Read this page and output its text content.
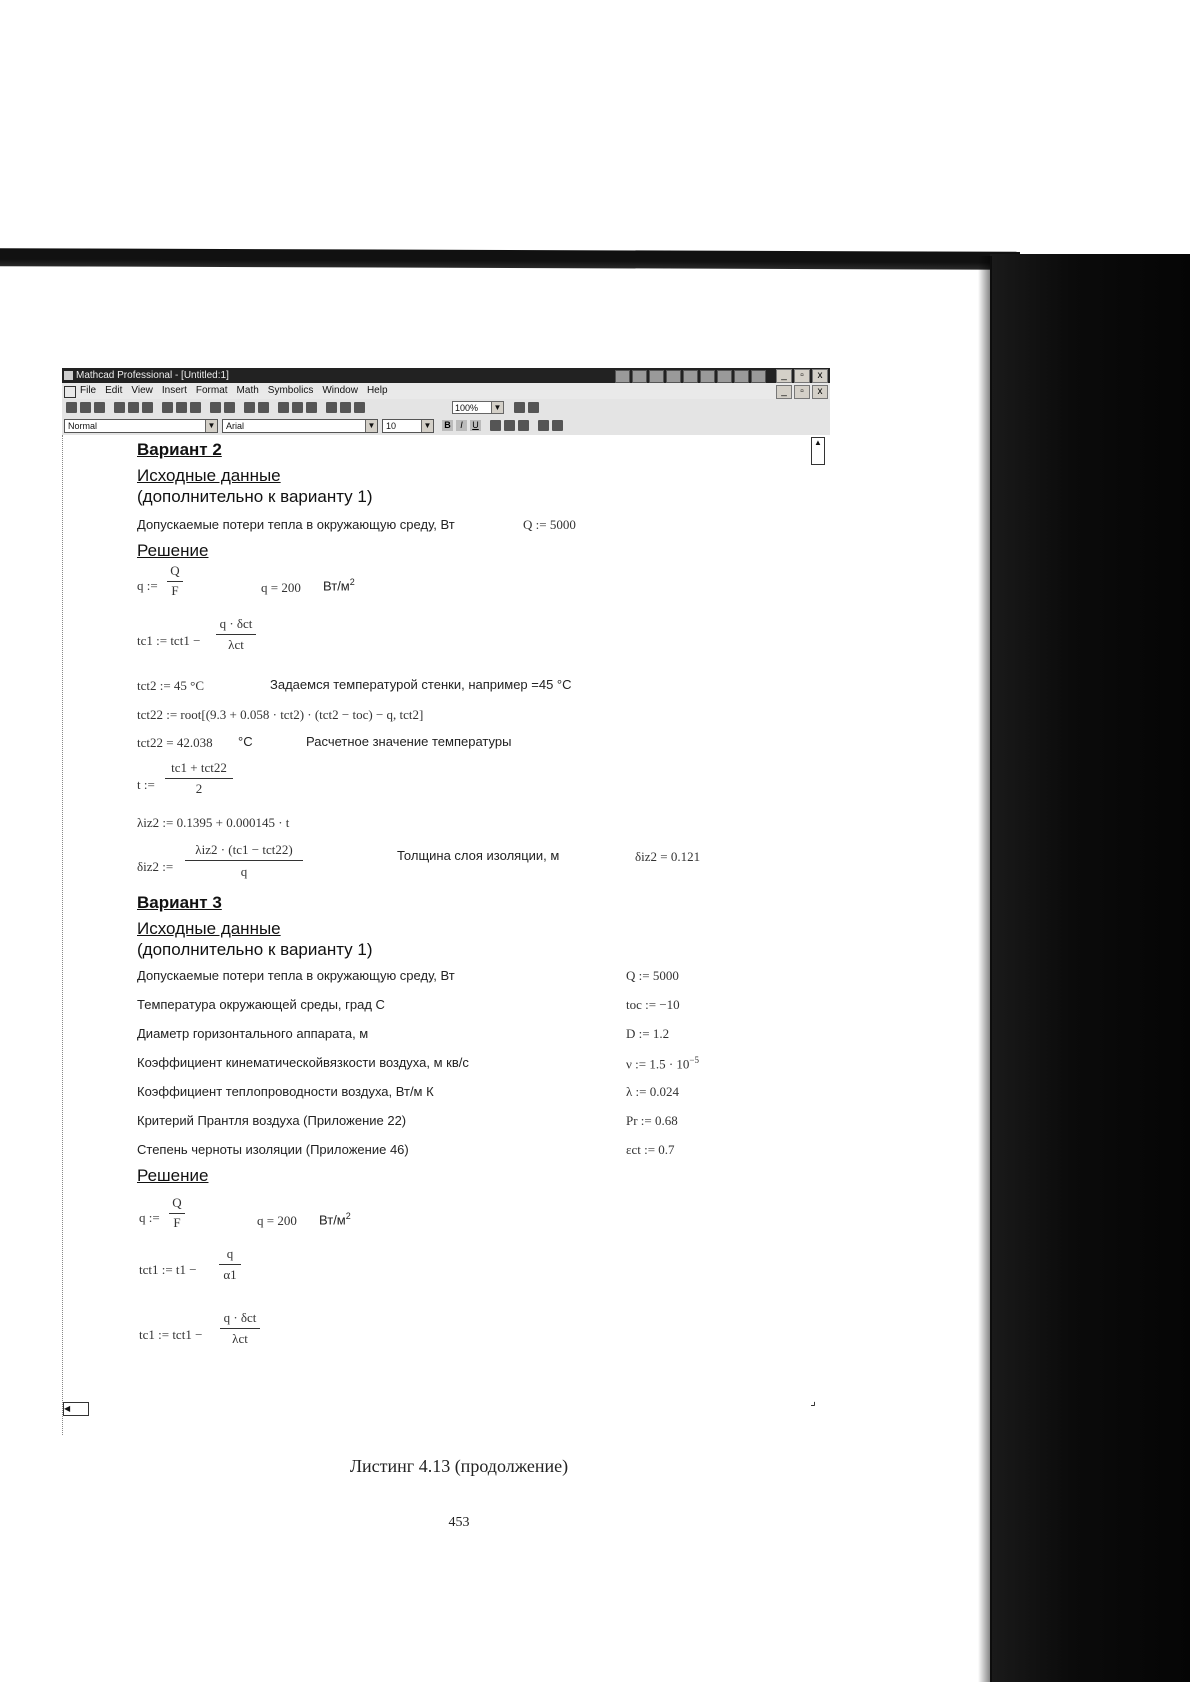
Mathcad Professional - [Untitled:1]	_	▫	x
File Edit View Insert Format Math Symbolics Window Help	_	▫	x
100%	▼
Normal	▼	Arial	▼	10	▼ B	I	U
▲
Вариант 2
Исходные данные
(дополнительно к варианту 1)
Допускаемые потери тепла в окружающую среду, Вт	Q := 5000
Решение
q :=
Q
F	q = 200 $Вт/м^2$
tc1 := tct1 −
q · δct
λct
tct2 := 45 °C	Задаемся температурой стенки, например =45 °С
tct22 := root[(9.3 + 0.058 · tct2) · (tct2 − toc) − q, tct2]
tct22 = 42.038 °C	Расчетное значение температуры
t :=
tc1 + tct22
2
λiz2 := 0.1395 + 0.000145 · t
δiz2 :=
λiz2 · (tc1 − tct22)
q
Толщина слоя изоляции, м	δiz2 = 0.121
Вариант 3
Исходные данные
(дополнительно к варианту 1)
Допускаемые потери тепла в окружающую среду, Вт	Q := 5000
Температура окружающей среды, град С	toc := −10
Диаметр горизонтального аппарата, м	D := 1.2
Коэффициент кинематическойвязкости воздуха, м кв/с	ν := $1.5 \cdot 10^{-5}$
Коэффициент теплопроводности воздуха, Вт/м К	λ := 0.024
Критерий Прантля воздуха (Приложение 22)	Pr := 0.68
Степень черноты изоляции (Приложение 46)	εct := 0.7
Решение
q :=
Q
F	q = 200 $Вт/м^2$
tct1 := t1 −
q
α1
tc1 := tct1 −
q · δct
λct
◀
⌟
Листинг 4.13 (продолжение)
453
